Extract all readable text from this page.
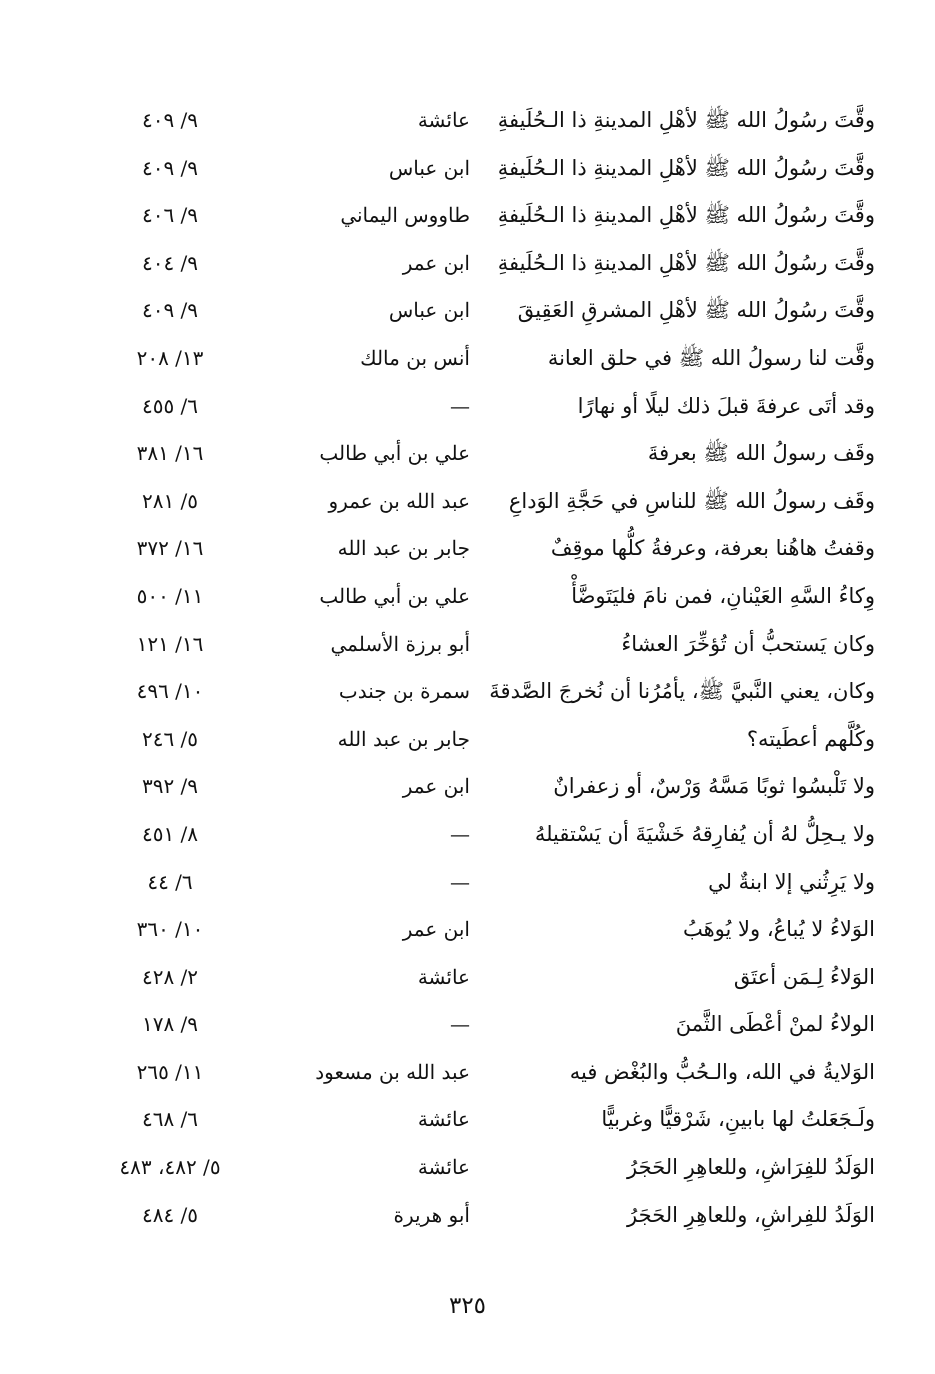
وقَّتَ رسُولُ الله ﷺ لأهْلِ المدينةِ ذا الـحُلَيفةِ
عائشة
٩/ ٤٠٩
وقَّتَ رسُولُ الله ﷺ لأهْلِ المدينةِ ذا الـحُلَيفةِ
ابن عباس
٩/ ٤٠٩
وقَّتَ رسُولُ الله ﷺ لأهْلِ المدينةِ ذا الـحُلَيفةِ
طاووس اليماني
٩/ ٤٠٦
وقَّتَ رسُولُ الله ﷺ لأهْلِ المدينةِ ذا الـحُلَيفةِ
ابن عمر
٩/ ٤٠٤
وقَّتَ رسُولُ الله ﷺ لأهْلِ المشرقِ العَقِيقَ
ابن عباس
٩/ ٤٠٩
وقَّت لنا رسولُ الله ﷺ في حلق العانة
أنس بن مالك
١٣/ ٢٠٨
وقد أتَى عرفةَ قبلَ ذلك ليلًا أو نهارًا
—
٦/ ٤٥٥
وقَف رسولُ الله ﷺ بعرفةَ
علي بن أبي طالب
١٦/ ٣٨١
وقَف رسولُ الله ﷺ للناسِ في حَجَّةِ الوَداعِ
عبد الله بن عمرو
٥/ ٢٨١
وقفتُ هاهُنا بعرفة، وعرفةُ كلُّها موقِفٌ
جابر بن عبد الله
١٦/ ٣٧٢
وِكاءُ السَّهِ العَيْنانِ، فمن نامَ فليَتَوضَّأْ
علي بن أبي طالب
١١/ ٥٠٠
وكان يَستحبُّ أن تُؤخِّرَ العشاءُ
أبو برزة الأسلمي
١٦/ ١٢١
وكان، يعني النَّبيَّ ﷺ، يأمُرُنا أن نُخرجَ الصَّدقةَ
سمرة بن جندب
١٠/ ٤٩٦
وكُلَّهم أعطَيته؟
جابر بن عبد الله
٥/ ٢٤٦
ولا تَلْبسُوا ثوبًا مَسَّهُ وَرْسٌ، أو زعفرانٌ
ابن عمر
٩/ ٣٩٢
ولا يـحِلُّ لهُ أن يُفارِقهُ خَشْيَةَ أن يَسْتقيلهُ
—
٨/ ٤٥١
ولا يَرِثُني إلا ابنةٌ لي
—
٦/ ٤٤
الوَلاءُ لا يُباعُ، ولا يُوهَبُ
ابن عمر
١٠/ ٣٦٠
الوَلاءُ لِـمَن أعتَق
عائشة
٢/ ٤٢٨
الولاءُ لمنْ أعْطَى الثَّمنَ
—
٩/ ١٧٨
الوَلايةُ في الله، والـحُبُّ والبُغْض فيه
عبد الله بن مسعود
١١/ ٢٦٥
ولَـجَعَلتُ لها بابينِ، شَرْقيًّا وغربيًّا
عائشة
٦/ ٤٦٨
الوَلَدُ للفِرَاشِ، وللعاهِرِ الحَجَرُ
عائشة
٥/ ٤٨٢، ٤٨٣
الوَلَدُ للفِراشِ، وللعاهِرِ الحَجَرُ
أبو هريرة
٥/ ٤٨٤
٣٢٥
